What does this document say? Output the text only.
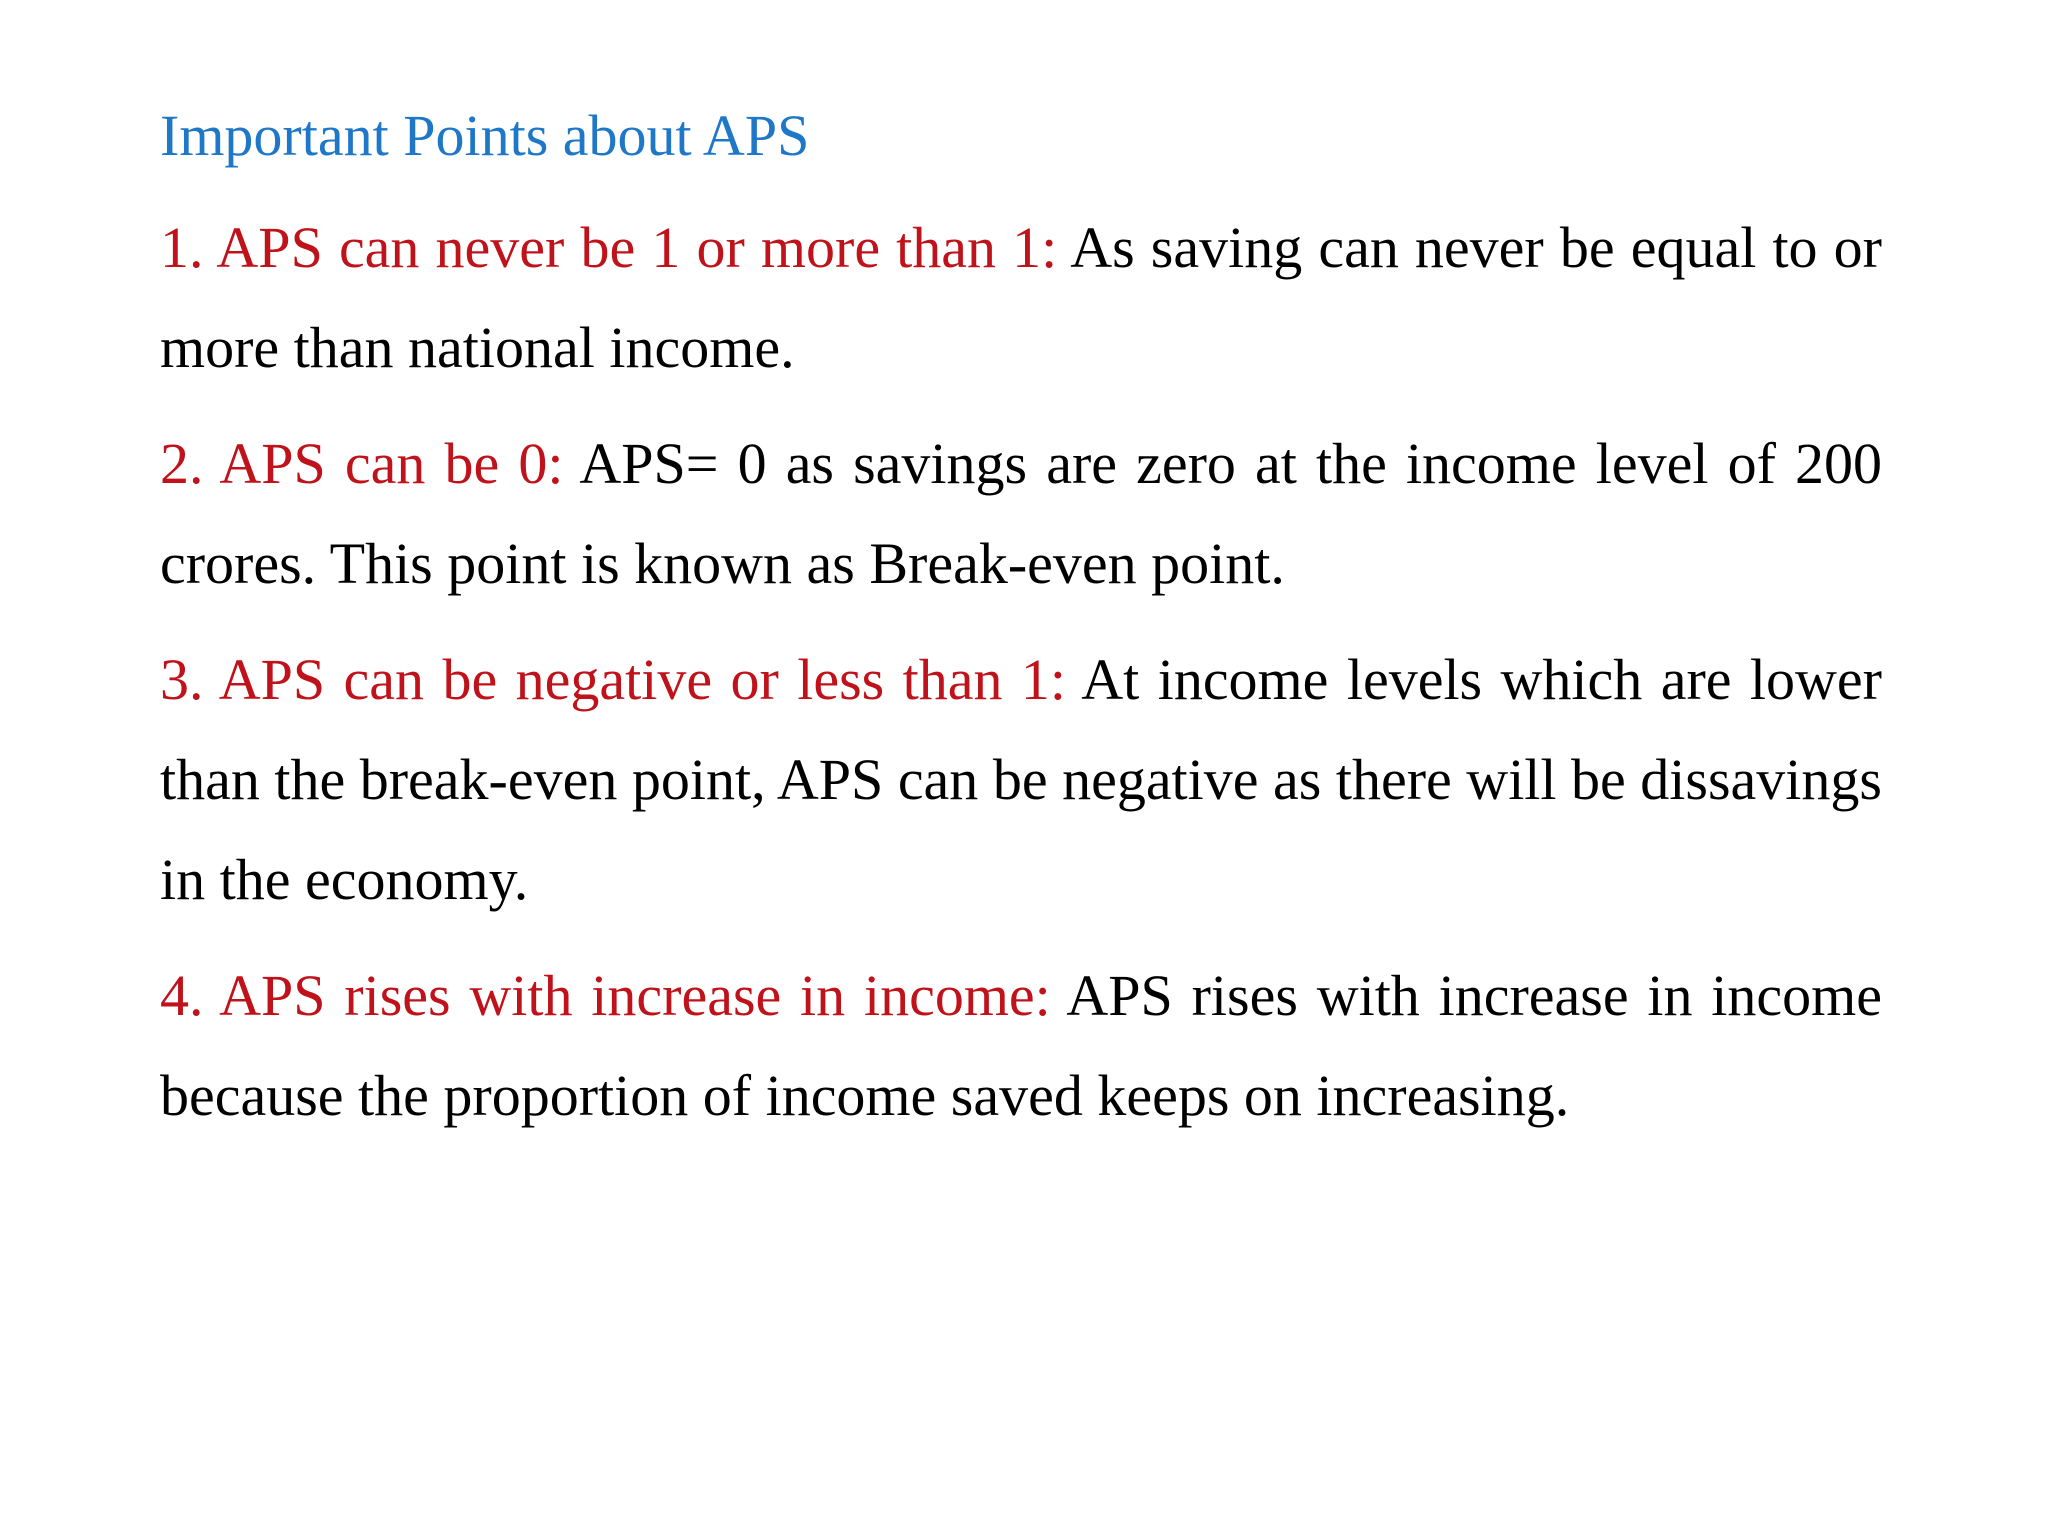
Important Points about APS

1. APS can never be 1 or more than 1: As saving can never be equal to or more than national income.

2. APS can be 0: APS= 0 as savings are zero at the income level of 200 crores. This point is known as Break-even point.

3. APS can be negative or less than 1: At income levels which are lower than the break-even point, APS can be negative as there will be dissavings in the economy.

4. APS rises with increase in income: APS rises with increase in income because the proportion of income saved keeps on increasing.
